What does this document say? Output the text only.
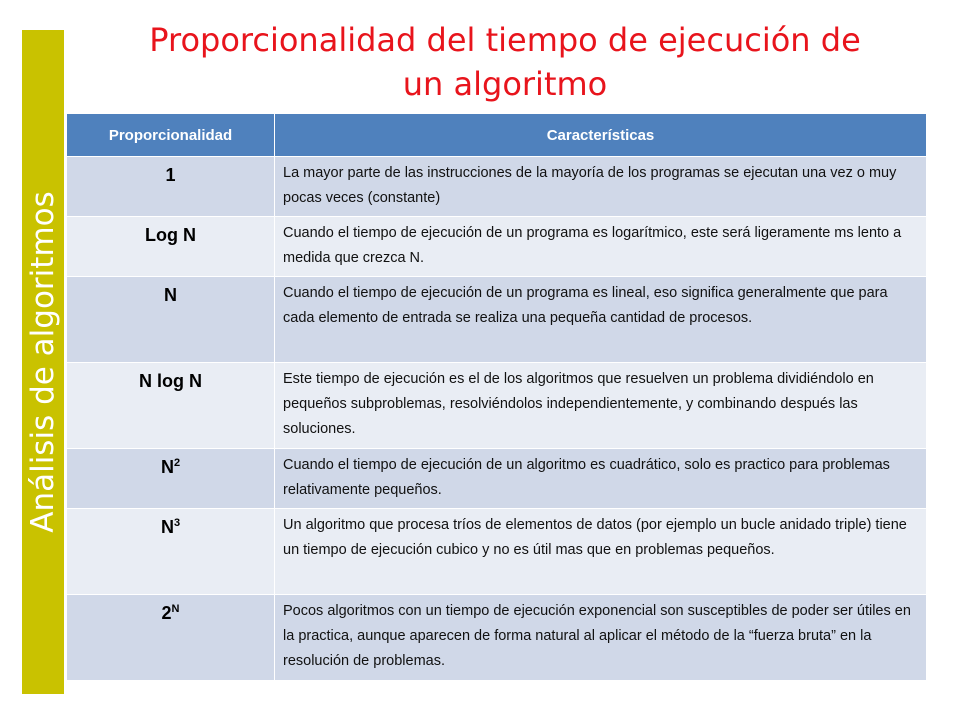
Análisis de algoritmos
Proporcionalidad del tiempo de ejecución de
un algoritmo
Proporcionalidad	Características
1	La mayor parte de las instrucciones de la mayoría de los programas se ejecutan una vez o muy pocas veces (constante)
Log N	Cuando el tiempo de ejecución de un programa es logarítmico, este será ligeramente ms lento a medida que crezca N.
N	Cuando el tiempo de ejecución de un programa es lineal, eso significa generalmente que para cada elemento de entrada se realiza una pequeña cantidad de procesos.
N log N	Este tiempo de ejecución es el de los algoritmos que resuelven un problema dividiéndolo en pequeños subproblemas, resolviéndolos independientemente, y combinando después las soluciones.
$N^2$	Cuando el tiempo de ejecución de un algoritmo es cuadrático, solo es practico para problemas relativamente pequeños.
$N^3$	Un algoritmo que procesa tríos de elementos de datos (por ejemplo un bucle anidado triple) tiene un tiempo de ejecución cubico y no es útil mas que en problemas pequeños.
$2^N$	Pocos algoritmos con un tiempo de ejecución exponencial son susceptibles de poder ser útiles en la practica, aunque aparecen de forma natural al aplicar el método de la “fuerza bruta” en la resolución de problemas.
